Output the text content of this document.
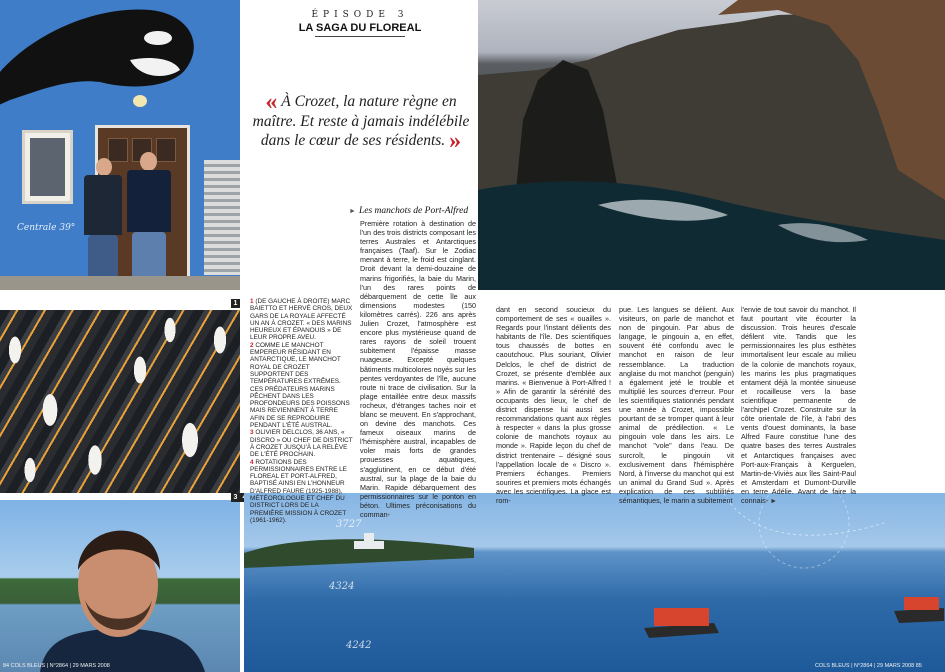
Centrale 39°
1
3
3727
4324
4242
ÉPISODE 3
LA SAGA DU FLOREAL
« À Crozet, la nature règne en maître. Et reste à jamais indélébile dans le cœur de ses résidents. »

1 (DE GAUCHE À DROITE) MARC BAIETTO ET HERVÉ CROS, DEUX GARS DE LA ROYALE AFFECTÉ UN AN À CROZET. « DES MARINS HEUREUX ET ÉPANOUIS » DE LEUR PROPRE AVEU.

2 COMME LE MANCHOT EMPEREUR RÉSIDANT EN ANTARCTIQUE, LE MANCHOT ROYAL DE CROZET SUPPORTENT DES TEMPÉRATURES EXTRÊMES. CES PRÉDATEURS MARINS PÊCHENT DANS LES PROFONDEURS DES POISSONS MAIS REVIENNENT À TERRE AFIN DE SE REPRODUIRE PENDANT L'ÉTÉ AUSTRAL.

3 OLIVIER DELCLOS, 36 ANS, « DISCRO » OU CHEF DE DISTRICT À CROZET JUSQU'À LA RELÈVE DE L'ÉTÉ PROCHAIN.

4 ROTATIONS DES PERMISSIONNAIRES ENTRE LE FLOREAL ET PORT-ALFRED, BAPTISÉ AINSI EN L'HONNEUR D'ALFRED FAURE (1925-1988), MÉTÉOROLOGUE ET CHEF DU DISTRICT LORS DE LA PREMIÈRE MISSION À CROZET (1961-1962).

► Les manchots de Port-Alfred

Première rotation à destination de l'un des trois districts composant les terres Australes et Antarctiques françaises (Taaf). Sur le Zodiac menant à terre, le froid est cinglant. Droit devant la demi-douzaine de marins frigorifiés, la baie du Marin, l'un des rares points de débarquement de cette île aux dimensions modestes (150 kilomètres carrés). 226 ans après Julien Crozet, l'atmosphère est encore plus mystérieuse quand de rares rayons de soleil trouent subitement l'épaisse masse nuageuse. Excepté quelques bâtiments multicolores noyés sur les pentes verdoyantes de l'île, aucune route ni trace de civilisation. Sur la plage entaillée entre deux massifs rocheux, d'étranges taches noir et blanc se meuvent. En s'approchant, on devine des manchots. Ces fameux oiseaux marins de l'hémisphère austral, incapables de voler mais forts de grandes prouesses aquatiques, s'agglutinent, en ce début d'été austral, sur la plage de la baie du Marin. Rapide débarquement des permissionnaires sur le ponton en béton. Ultimes préconisations du comman-

dant en second soucieux du comportement de ses « ouailles ». Regards pour l'instant délients des habitants de l'île. Des scientifiques tous chaussés de bottes en caoutchouc. Plus souriant, Olivier Delclos, le chef de district de Crozet, se présente d'emblée aux marins. « Bienvenue à Port-Alfred ! » Afin de garantir la sérénité des occupants des lieux, le chef de district dispense lui aussi ses recommandations quant aux règles à respecter « dans la plus grosse colonie de manchots royaux au monde ». Rapide leçon du chef de district trentenaire – désigné sous l'appellation locale de « Discro ». Premiers échanges. Premiers sourires et premiers mots échangés avec les scientifiques. La glace est rom-

pue. Les langues se délient. Aux visiteurs, on parle de manchot et non de pingouin. Par abus de langage, le pingouin a, en effet, souvent été confondu avec le manchot en raison de leur ressemblance. La traduction anglaise du mot manchot (penguin) a également jeté le trouble et multiplié les sources d'erreur. Pour les scientifiques stationnés pendant une année à Crozet, impossible pourtant de se tromper quant à leur animal de prédilection. « Le pingouin vole dans les airs. Le manchot "vole" dans l'eau. De surcroît, le pingouin vit exclusivement dans l'hémisphère Nord, à l'inverse du manchot qui est un animal du Grand Sud ». Après explication de ces subtilités sémantiques, le marin a subitement

l'envie de tout savoir du manchot. Il faut pourtant vite écourter la discussion. Trois heures d'escale défilent vite. Tandis que les permissionnaires les plus esthètes immortalisent leur escale au milieu de la colonie de manchots royaux, les marins les plus pragmatiques entament déjà la montée sinueuse et rocailleuse vers la base scientifique permanente de l'archipel Crozet. Construite sur la côte orientale de l'île, à l'abri des vents d'ouest dominants, la base Alfred Faure constitue l'une des quatre bases des terres Australes et Antarctiques françaises avec Port-aux-Français à Kerguelen, Martin-de-Viviès aux îles Saint-Paul et Amsterdam et Dumont-Durville en terre Adélie. Avant de faire la connais- ►

84 COLS BLEUS | N°2864 | 29 MARS 2008	COLS BLEUS | N°2864 | 29 MARS 2008 85
